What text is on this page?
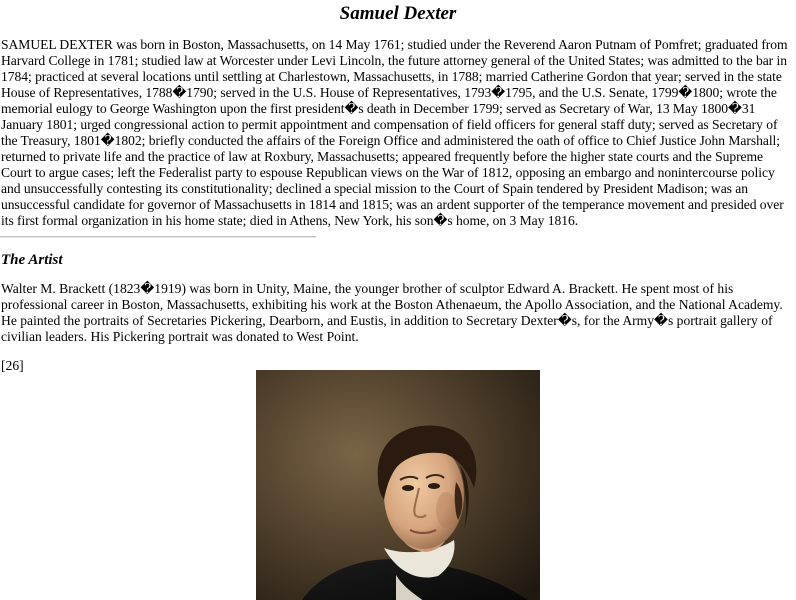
Samuel Dexter

SAMUEL DEXTER was born in Boston, Massachusetts, on 14 May 1761; studied under the Reverend Aaron Putnam of Pomfret; graduated from Harvard College in 1781; studied law at Worcester under Levi Lincoln, the future attorney general of the United States; was admitted to the bar in 1784; practiced at several locations until settling at Charlestown, Massachusetts, in 1788; married Catherine Gordon that year; served in the state House of Representatives, 1788�1790; served in the U.S. House of Representatives, 1793�1795, and the U.S. Senate, 1799�1800; wrote the memorial eulogy to George Washington upon the first president�s death in December 1799; served as Secretary of War, 13 May 1800�31 January 1801; urged congressional action to permit appointment and compensation of field officers for general staff duty; served as Secretary of the Treasury, 1801�1802; briefly conducted the affairs of the Foreign Office and administered the oath of office to Chief Justice John Marshall; returned to private life and the practice of law at Roxbury, Massachusetts; appeared frequently before the higher state courts and the Supreme Court to argue cases; left the Federalist party to espouse Republican views on the War of 1812, opposing an embargo and nonintercourse policy and unsuccessfully contesting its constitutionality; declined a special mission to the Court of Spain tendered by President Madison; was an unsuccessful candidate for governor of Massachusetts in 1814 and 1815; was an ardent supporter of the temperance movement and presided over its first formal organization in his home state; died in Athens, New York, his son�s home, on 3 May 1816.

The Artist

Walter M. Brackett (1823�1919) was born in Unity, Maine, the younger brother of sculptor Edward A. Brackett. He spent most of his professional career in Boston, Massachusetts, exhibiting his work at the Boston Athenaeum, the Apollo Association, and the National Academy. He painted the portraits of Secretaries Pickering, Dearborn, and Eustis, in addition to Secretary Dexter�s, for the Army�s portrait gallery of civilian leaders. His Pickering portrait was donated to West Point.

[26]
